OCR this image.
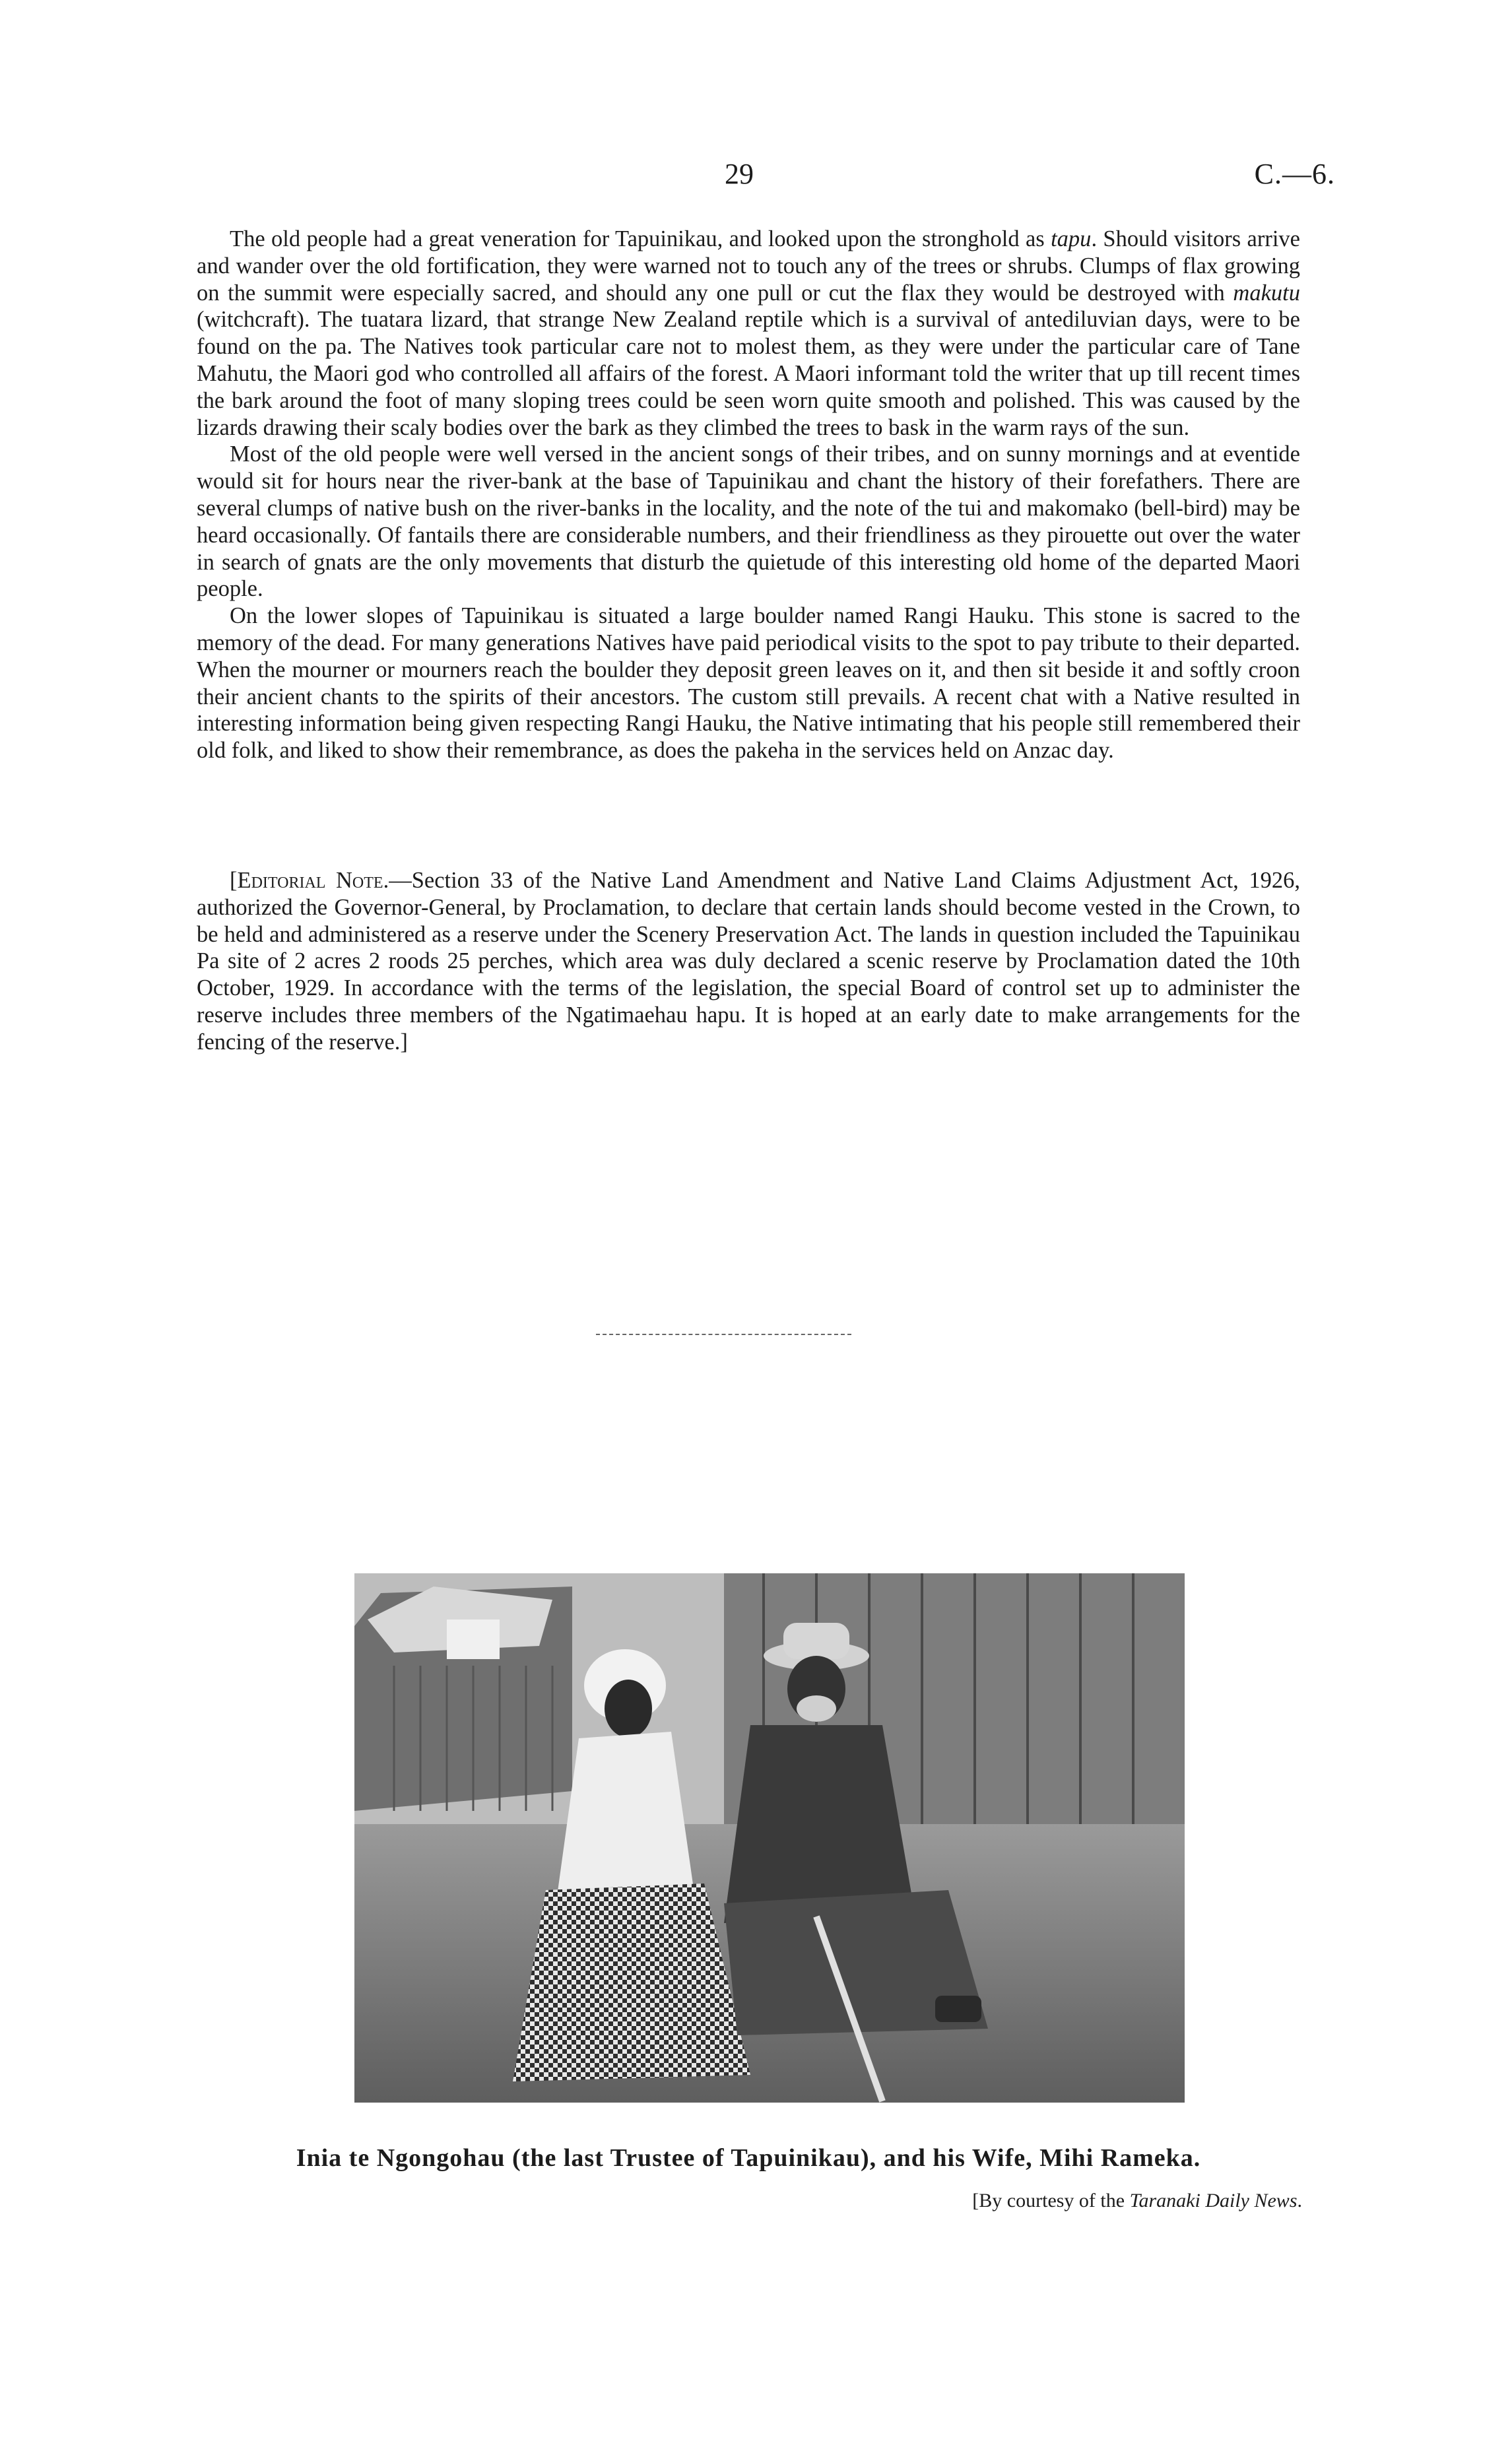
29	C.—6.

The old people had a great veneration for Tapuinikau, and looked upon the stronghold as tapu. Should visitors arrive and wander over the old fortification, they were warned not to touch any of the trees or shrubs. Clumps of flax growing on the summit were especially sacred, and should any one pull or cut the flax they would be destroyed with makutu (witchcraft). The tuatara lizard, that strange New Zealand reptile which is a survival of antediluvian days, were to be found on the pa. The Natives took particular care not to molest them, as they were under the particular care of Tane Mahutu, the Maori god who controlled all affairs of the forest. A Maori informant told the writer that up till recent times the bark around the foot of many sloping trees could be seen worn quite smooth and polished. This was caused by the lizards drawing their scaly bodies over the bark as they climbed the trees to bask in the warm rays of the sun.

Most of the old people were well versed in the ancient songs of their tribes, and on sunny mornings and at eventide would sit for hours near the river-bank at the base of Tapuinikau and chant the history of their forefathers. There are several clumps of native bush on the river-banks in the locality, and the note of the tui and makomako (bell-bird) may be heard occasionally. Of fantails there are considerable numbers, and their friendliness as they pirouette out over the water in search of gnats are the only movements that disturb the quietude of this interesting old home of the departed Maori people.

On the lower slopes of Tapuinikau is situated a large boulder named Rangi Hauku. This stone is sacred to the memory of the dead. For many generations Natives have paid periodical visits to the spot to pay tribute to their departed. When the mourner or mourners reach the boulder they deposit green leaves on it, and then sit beside it and softly croon their ancient chants to the spirits of their ancestors. The custom still prevails. A recent chat with a Native resulted in interesting information being given respecting Rangi Hauku, the Native intimating that his people still remembered their old folk, and liked to show their remembrance, as does the pakeha in the services held on Anzac day.

[Editorial Note.—Section 33 of the Native Land Amendment and Native Land Claims Adjustment Act, 1926, authorized the Governor-General, by Proclamation, to declare that certain lands should become vested in the Crown, to be held and administered as a reserve under the Scenery Preservation Act. The lands in question included the Tapuinikau Pa site of 2 acres 2 roods 25 perches, which area was duly declared a scenic reserve by Proclamation dated the 10th October, 1929. In accordance with the terms of the legislation, the special Board of control set up to administer the reserve includes three members of the Ngatimaehau hapu. It is hoped at an early date to make arrangements for the fencing of the reserve.]

Inia te Ngongohau (the last Trustee of Tapuinikau), and his Wife, Mihi Rameka.
[By courtesy of the Taranaki Daily News.
